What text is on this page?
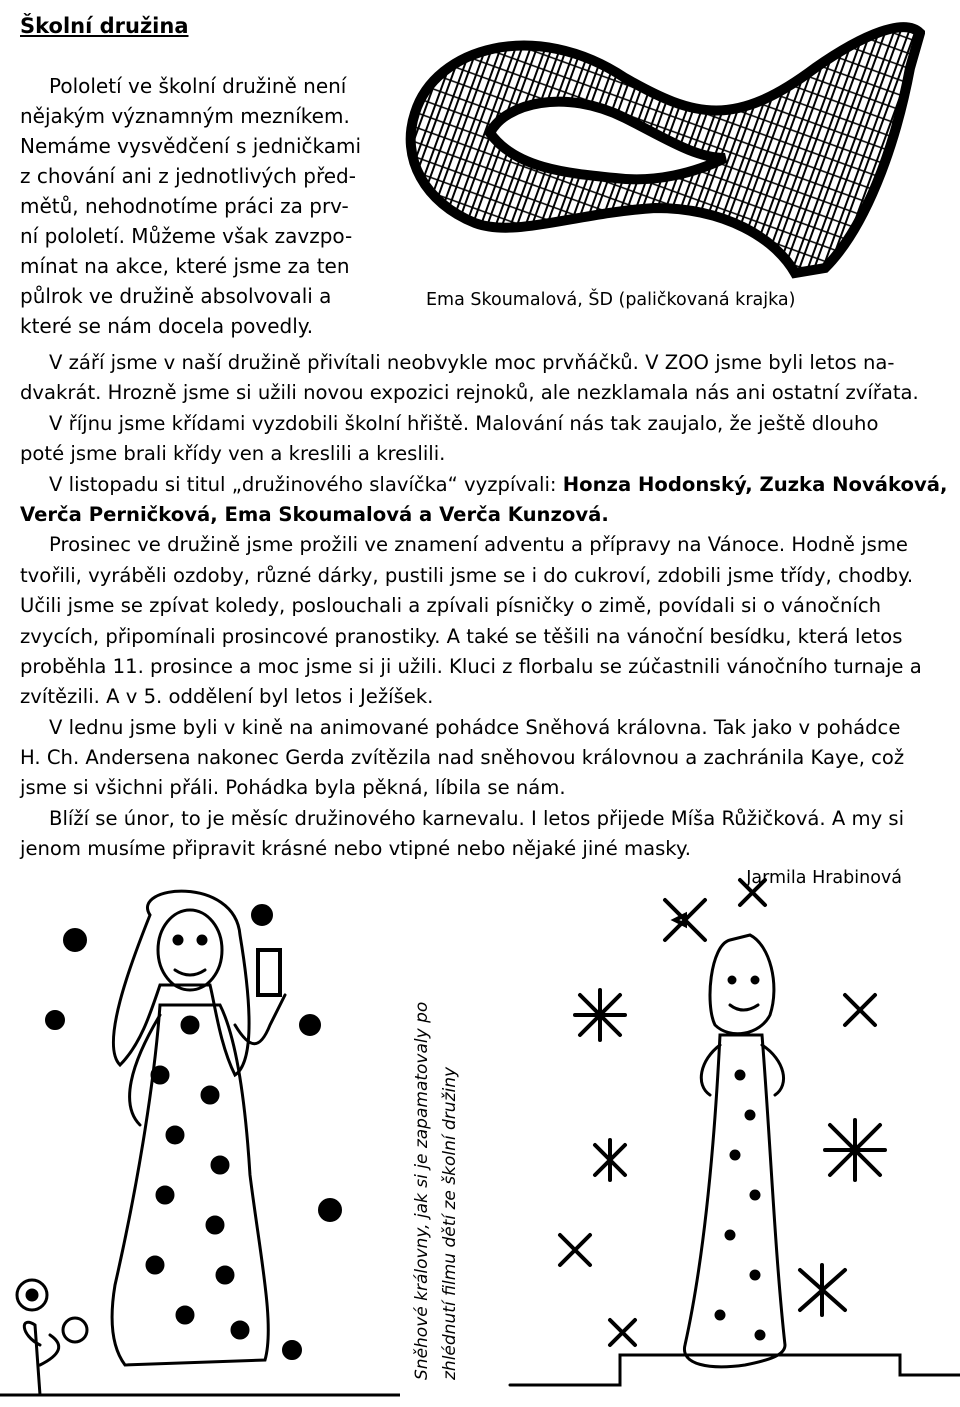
Školní družina
Pololetí ve školní družině není
nějakým významným mezníkem.
Nemáme vysvědčení s jedničkami
z chování ani z jednotlivých před-
mětů, nehodnotíme práci za prv-
ní pololetí. Můžeme však zavzpo-
mínat na akce, které jsme za ten
půlrok ve družině absolvovali a
které se nám docela povedly.
Ema Skoumalová, ŠD (paličkovaná krajka)
V září jsme v naší družině přivítali neobvykle moc prvňáčků. V ZOO jsme byli letos na-
dvakrát. Hrozně jsme si užili novou expozici rejnoků, ale nezklamala nás ani ostatní zvířata.
V říjnu jsme křídami vyzdobili školní hřiště. Malování nás tak zaujalo, že ještě dlouho
poté jsme brali křídy ven a kreslili a kreslili.
V listopadu si titul „družinového slavíčka“ vyzpívali: Honza Hodonský, Zuzka Nováková,
Verča Perničková, Ema Skoumalová a Verča Kunzová.
Prosinec ve družině jsme prožili ve znamení adventu a přípravy na Vánoce. Hodně jsme
tvořili, vyráběli ozdoby, různé dárky, pustili jsme se i do cukroví, zdobili jsme třídy, chodby.
Učili jsme se zpívat koledy, poslouchali a zpívali písničky o zimě, povídali si o vánočních
zvycích, připomínali prosincové pranostiky. A také se těšili na vánoční besídku, která letos
proběhla 11. prosince a moc jsme si ji užili. Kluci z florbalu se zúčastnili vánočního turnaje a
zvítězili. A v 5. oddělení byl letos i Ježíšek.
V lednu jsme byli v kině na animované pohádce Sněhová královna. Tak jako v pohádce
H. Ch. Andersena nakonec Gerda zvítězila nad sněhovou královnou a zachránila Kaye, což
jsme si všichni přáli. Pohádka byla pěkná, líbila se nám.
Blíží se únor, to je měsíc družinového karnevalu. I letos přijede Míša Růžičková. A my si
jenom musíme připravit krásné nebo vtipné nebo nějaké jiné masky.
Jarmila Hrabinová
Sněhové královny, jak si je zapamatovaly po zhlédnutí filmu dětí ze školní družiny
